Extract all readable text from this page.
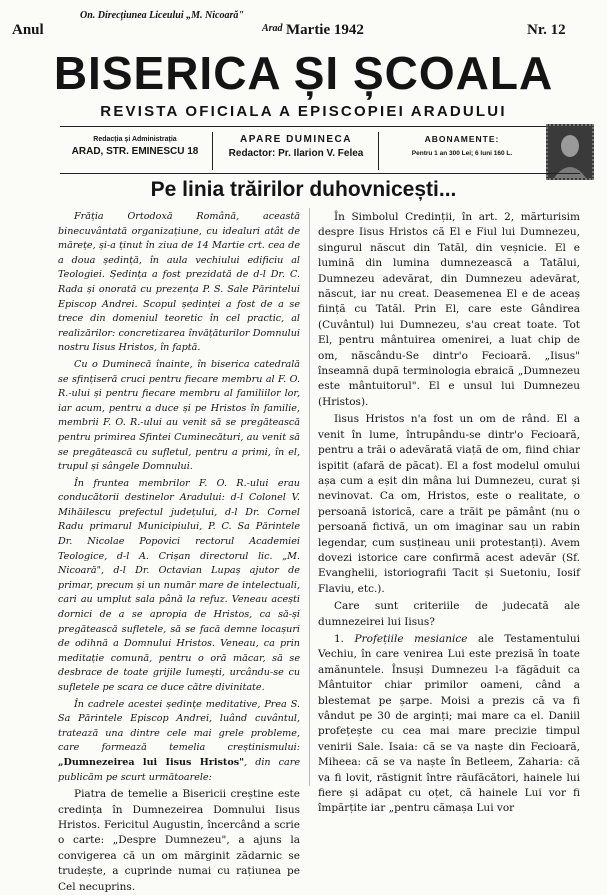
Anul
On. Direcțiunea Liceului „M. Nicoară"
Arad Martie 1942	Nr. 12
BISERICA ȘI ȘCOALA
REVISTA OFICIALA A EPISCOPIEI ARADULUI
Redacția și Administrația
ARAD, STR. EMINESCU 18
APARE DUMINECA
Redactor: Pr. Ilarion V. Felea
ABONAMENTE:
Pentru 1 an 300 Lei; 6 luni 160 L.
Pe linia trăirilor duhovnicești...

Frăția Ortodoxă Română, această binecuvântată organizațiune, cu idealuri atât de mărețe, și-a ținut în ziua de 14 Martie crt. cea de a doua ședință, în aula vechiului edificiu al Teologiei. Ședința a fost prezidată de d-l Dr. C. Rada și onorată cu prezența P. S. Sale Părintelui Episcop Andrei. Scopul ședinței a fost de a se trece din domeniul teoretic în cel practic, al realizărilor: concretizarea învățăturilor Domnului nostru Iisus Hristos, în faptă.

Cu o Duminecă înainte, în biserica catedrală se sfințiseră cruci pentru fiecare membru al F. O. R.-ului și pentru fiecare membru al familiilor lor, iar acum, pentru a duce și pe Hristos în familie, membrii F. O. R.-ului au venit să se pregătească pentru primirea Sfintei Cuminecături, au venit să se pregătească cu sufletul, pentru a primi, în el, trupul și sângele Domnului.

În fruntea membrilor F. O. R.-ului erau conducătorii destinelor Aradului: d-l Colonel V. Mihăilescu prefectul județului, d-l Dr. Cornel Radu primarul Municipiului, P. C. Sa Părintele Dr. Nicolae Popovici rectorul Academiei Teologice, d-l A. Crișan directorul lic. „M. Nicoară", d-l Dr. Octavian Lupaș ajutor de primar, precum și un număr mare de intelectuali, cari au umplut sala până la refuz. Veneau acești dornici de a se apropia de Hristos, ca să-și pregătească sufletele, să se facă demne locașuri de odihnă a Domnului Hristos. Veneau, ca prin meditație comună, pentru o oră măcar, să se desbrace de toate grijile lumești, urcându-se cu sufletele pe scara ce duce către divinitate.

În cadrele acestei ședințe meditative, Prea S. Sa Părintele Episcop Andrei, luând cuvântul, tratează una dintre cele mai grele probleme, care formează temelia creștinismului: „Dumnezeirea lui Iisus Hristos", din care publicăm pe scurt următoarele:

Piatra de temelie a Bisericii creștine este credința în Dumnezeirea Domnului Iisus Hristos. Fericitul Augustin, încercând a scrie o carte: „Despre Dumnezeu", a ajuns la convigerea că un om mărginit zădarnic se trudește, a cuprinde numai cu rațiunea pe Cel necuprins.

În Simbolul Credinții, în art. 2, mărturisim despre Iisus Hristos că El e Fiul lui Dumnezeu, singurul născut din Tatăl, din veșnicie. El e lumină din lumina dumnezească a Tatălui, Dumnezeu adevărat, din Dumnezeu adevărat, născut, iar nu creat. Deasemenea El e de aceaș ființă cu Tatăl. Prin El, care este Gândirea (Cuvântul) lui Dumnezeu, s'au creat toate. Tot El, pentru mântuirea omenirei, a luat chip de om, născându-Se dintr'o Fecioară. „Iisus" înseamnă după terminologia ebraică „Dumnezeu este mântuitorul". El e unsul lui Dumnezeu (Hristos).

Iisus Hristos n'a fost un om de rând. El a venit în lume, întrupându-se dintr'o Fecioară, pentru a trăi o adevărată viață de om, fiind chiar ispitit (afară de păcat). El a fost modelul omului așa cum a eșit din mâna lui Dumnezeu, curat și nevinovat. Ca om, Hristos, este o realitate, o persoană istorică, care a trăit pe pământ (nu o persoană fictivă, un om imaginar sau un rabin legendar, cum susțineau unii protestanți). Avem dovezi istorice care confirmă acest adevăr (Sf. Evanghelii, istoriografii Tacit și Suetoniu, Iosif Flaviu, etc.).

Care sunt criteriile de judecată ale dumnezeirei lui Iisus?

1. Profețiile mesianice ale Testamentului Vechiu, în care venirea Lui este prezisă în toate amănuntele. Însuși Dumnezeu l-a făgăduit ca Mântuitor chiar primilor oameni, când a blestemat pe șarpe. Moisi a prezis că va fi vândut pe 30 de arginți; mai mare ca el. Daniil profețește cu cea mai mare precizie timpul venirii Sale. Isaia: că se va naște din Fecioară, Miheea: că se va naște în Betleem, Zaharia: că va fi lovit, răstignit între răufăcători, hainele lui fiere și adăpat cu oțet, că hainele Lui vor fi împărțite iar „pentru cămașa Lui vor
